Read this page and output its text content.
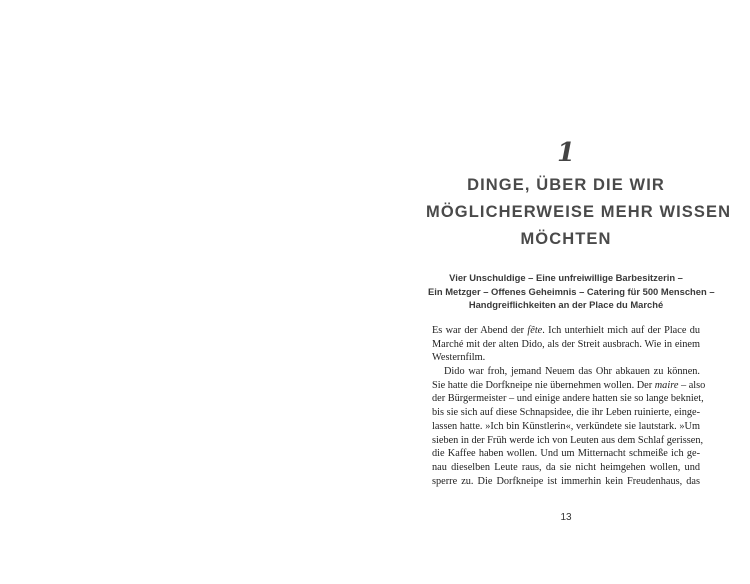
1
DINGE, ÜBER DIE WIR
MÖGLICHERWEISE MEHR WISSEN
MÖCHTEN
Vier Unschuldige – Eine unfreiwillige Barbesitzerin –
Ein Metzger – Offenes Geheimnis – Catering für 500 Menschen –
Handgreiflichkeiten an der Place du Marché
Es war der Abend der fête. Ich unterhielt mich auf der Place du
Marché mit der alten Dido, als der Streit ausbrach. Wie in einem
Westernfilm.
Dido war froh, jemand Neuem das Ohr abkauen zu können.
Sie hatte die Dorfkneipe nie übernehmen wollen. Der maire – also
der Bürgermeister – und einige andere hatten sie so lange bekniet,
bis sie sich auf diese Schnapsidee, die ihr Leben ruinierte, einge-
lassen hatte. »Ich bin Künstlerin«, verkündete sie lautstark. »Um
sieben in der Früh werde ich von Leuten aus dem Schlaf gerissen,
die Kaffee haben wollen. Und um Mitternacht schmeiße ich ge-
nau dieselben Leute raus, da sie nicht heimgehen wollen, und
sperre zu. Die Dorfkneipe ist immerhin kein Freudenhaus, das
13
